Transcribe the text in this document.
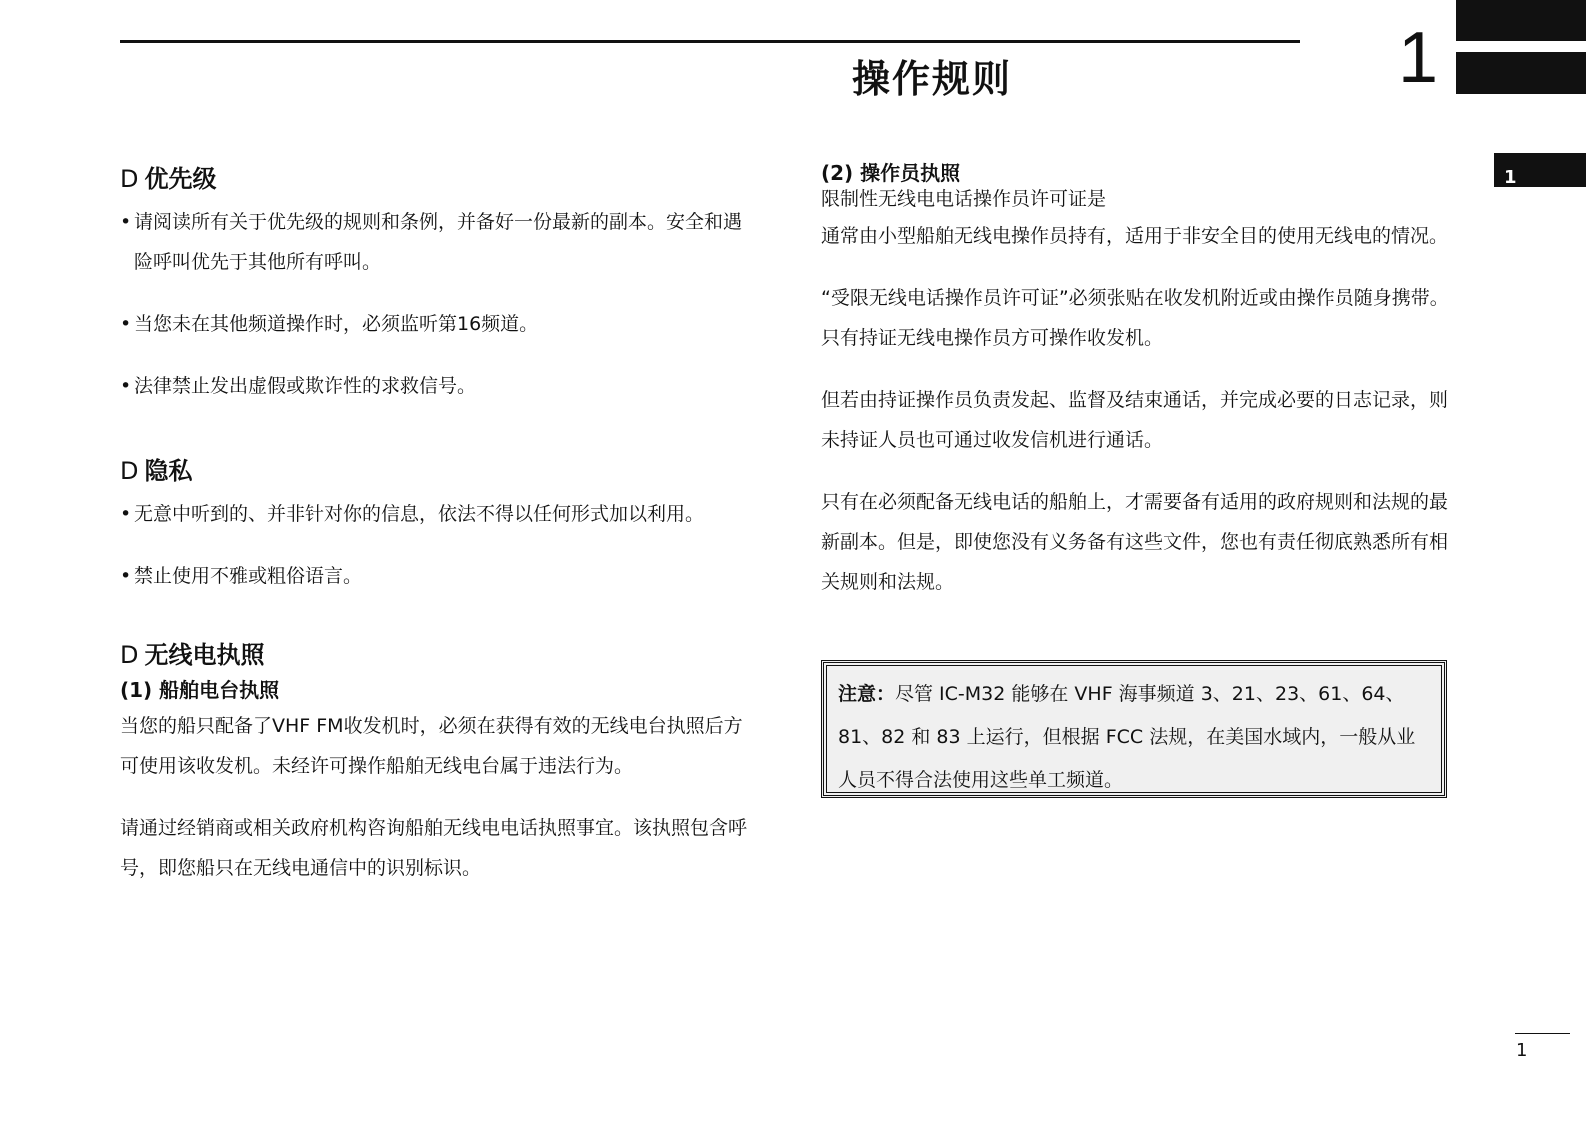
操作规则	1
1
D 优先级

• 请阅读所有关于优先级的规则和条例，并备好一份最新的副本。安全和遇险呼叫优先于其他所有呼叫。

• 当您未在其他频道操作时，必须监听第16频道。

• 法律禁止发出虚假或欺诈性的求救信号。

D 隐私

• 无意中听到的、并非针对你的信息，依法不得以任何形式加以利用。

• 禁止使用不雅或粗俗语言。

D 无线电执照
(1) 船舶电台执照

当您的船只配备了VHF FM收发机时，必须在获得有效的无线电台执照后方可使用该收发机。未经许可操作船舶无线电台属于违法行为。

请通过经销商或相关政府机构咨询船舶无线电电话执照事宜。该执照包含呼号，即您船只在无线电通信中的识别标识。

(2) 操作员执照

限制性无线电电话操作员许可证是

通常由小型船舶无线电操作员持有，适用于非安全目的使用无线电的情况。

“受限无线电话操作员许可证”必须张贴在收发机附近或由操作员随身携带。只有持证无线电操作员方可操作收发机。

但若由持证操作员负责发起、监督及结束通话，并完成必要的日志记录，则未持证人员也可通过收发信机进行通话。

只有在必须配备无线电话的船舶上，才需要备有适用的政府规则和法规的最新副本。但是，即使您没有义务备有这些文件，您也有责任彻底熟悉所有相关规则和法规。

注意：尽管 IC-M32 能够在 VHF 海事频道 3、21、23、61、64、81、82 和 83 上运行，但根据 FCC 法规，在美国水域内，一般从业人员不得合法使用这些单工频道。
1
